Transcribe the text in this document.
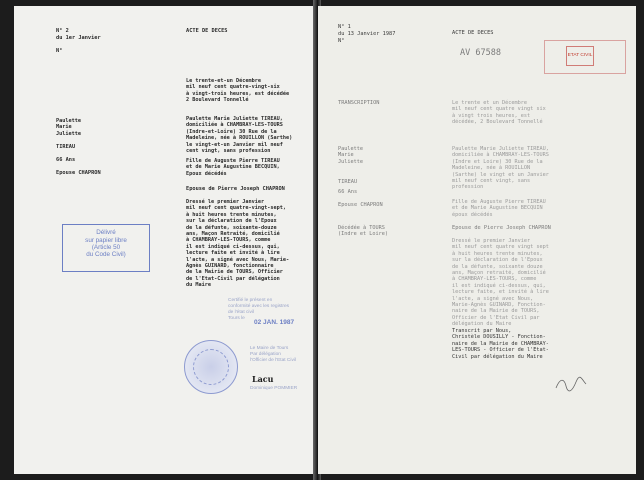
N° 2
du 1er Janvier
N°
ACTE DE DECES
Le trente-et-un Décembre
mil neuf cent quatre-vingt-six
à vingt-trois heures, est décédée
2 Boulevard Tonnellé
Paulette
Marie
Juliette
TIREAU
66 Ans
Epouse CHAPRON
Paulette Marie Juliette TIREAU,
domiciliée à CHAMBRAY-LES-TOURS
(Indre-et-Loire) 30 Rue de la
Madeleine, née à ROUILLON (Sarthe)
le vingt-et-un Janvier mil neuf
cent vingt, sans profession
Fille de Auguste Pierre TIREAU
et de Marie Augustine BECQUIN,
Epoux décédés
Epouse de Pierre Joseph CHAPRON
Dressé le premier Janvier
mil neuf cent quatre-vingt-sept,
à huit heures trente minutes,
sur la déclaration de l'Epoux
de la défunte, soixante-douze
ans, Maçon Retraité, domicilié
à CHAMBRAY-LES-TOURS, comme
il est indiqué ci-dessus, qui,
lecture faite et invité à lire
l'acte, a signé avec Nous, Marie-
Agnès GUINARD, fonctionnaire
de la Mairie de TOURS, Officier
de l'Etat-Civil par délégation
du Maire
Délivré
sur papier libre
(Article 50
du Code Civil)
Certifié le présent en
conformité avec les registres
de l'état civil
Tours le
02 JAN. 1987
Le Maire de Tours
Par délégation
l'Officier de l'Etat Civil
Lacu
Dominique POMMIER
N° 1
du 13 Janvier 1987
N°
ACTE DE DECES
AV 67588	ETAT CIVIL
TRANSCRIPTION	Le trente et un Décembre
mil neuf cent quatre vingt six
à vingt trois heures, est
décédée, 2 Boulevard Tonnellé
Paulette
Marie
Juliette
TIREAU
66 Ans
Epouse CHAPRON
Paulette Marie Juliette TIREAU,
domiciliée à CHAMBRAY-LES-TOURS
(Indre et Loire) 30 Rue de la
Madeleine, née à ROUILLON
(Sarthe) le vingt et un Janvier
mil neuf cent vingt, sans
profession
Fille de Auguste Pierre TIREAU
et de Marie Augustine BECQUIN
époux décédés
Décédée à TOURS
(Indre et Loire)
Epouse de Pierre Joseph CHAPRON
Dressé le premier Janvier
mil neuf cent quatre vingt sept
à huit heures trente minutes,
sur la déclaration de l'Epoux
de la défunte, soixante douze
ans, Maçon retraité, domicilié
à CHAMBRAY-LES-TOURS, comme
il est indiqué ci-dessus, qui,
lecture faite, et invité à lire
l'acte, a signé avec Nous,
Marie-Agnès GUINARD, Fonction-
naire de la Mairie de TOURS,
Officier de l'Etat Civil par
délégation du Maire
Transcrit par Nous,
Christèle DOUSILLY - Fonction-
naire de la Mairie de CHAMBRAY-
LES-TOURS - Officier de l'Etat-
Civil par délégation du Maire
